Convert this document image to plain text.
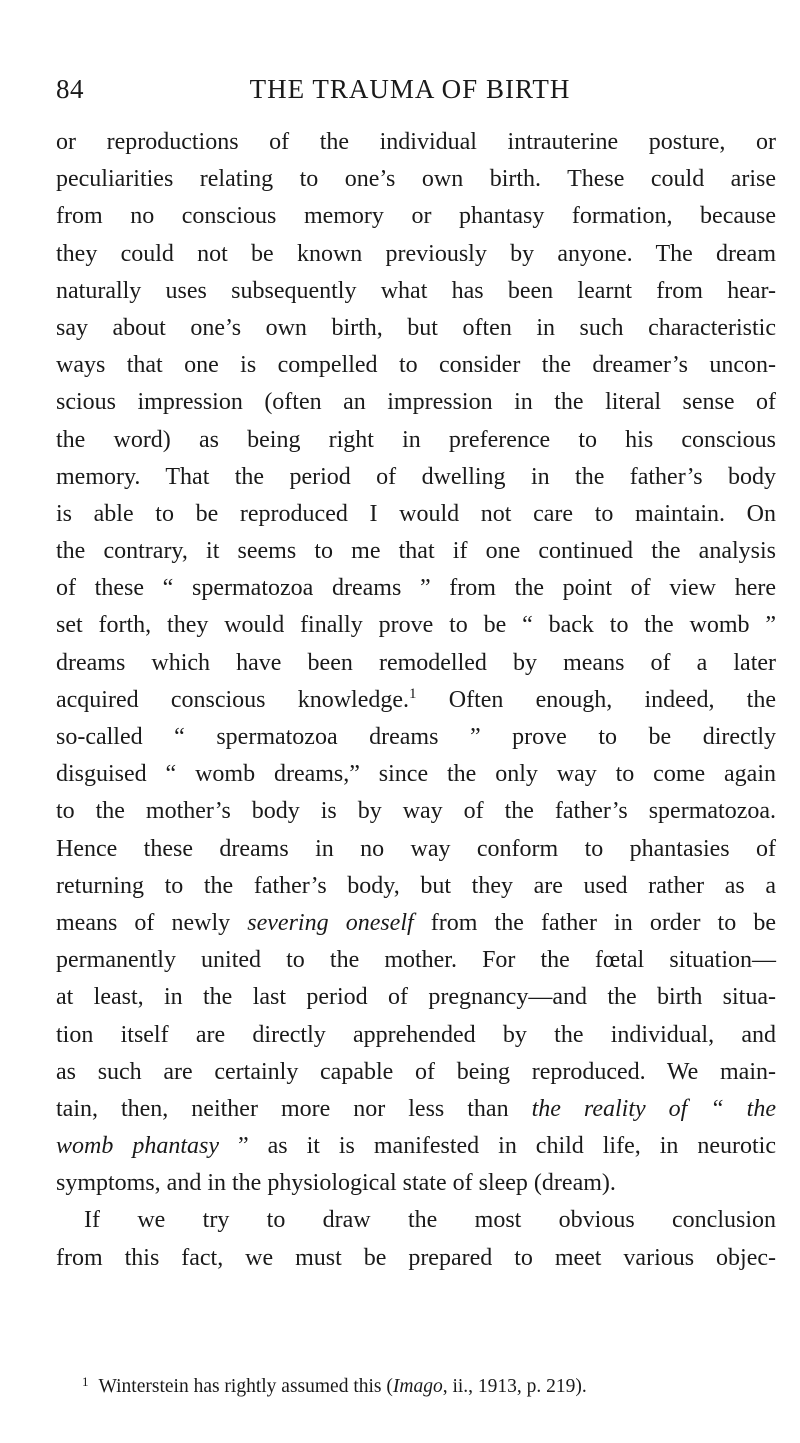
84	THE TRAUMA OF BIRTH
or reproductions of the individual intrauterine posture, or
peculiarities relating to one’s own birth. These could arise
from no conscious memory or phantasy formation, because
they could not be known previously by anyone. The dream
naturally uses subsequently what has been learnt from hear-
say about one’s own birth, but often in such characteristic
ways that one is compelled to consider the dreamer’s uncon-
scious impression (often an impression in the literal sense of
the word) as being right in preference to his conscious
memory. That the period of dwelling in the father’s body
is able to be reproduced I would not care to maintain. On
the contrary, it seems to me that if one continued the analysis
of these “ spermatozoa dreams ” from the point of view here
set forth, they would finally prove to be “ back to the womb ”
dreams which have been remodelled by means of a later
acquired conscious knowledge.$^1$ Often enough, indeed, the
so-called “ spermatozoa dreams ” prove to be directly
disguised “ womb dreams,” since the only way to come again
to the mother’s body is by way of the father’s spermatozoa.
Hence these dreams in no way conform to phantasies of
returning to the father’s body, but they are used rather as a
means of newly severing oneself from the father in order to be
permanently united to the mother. For the fœtal situation—
at least, in the last period of pregnancy—and the birth situa-
tion itself are directly apprehended by the individual, and
as such are certainly capable of being reproduced. We main-
tain, then, neither more nor less than the reality of “ the
womb phantasy ” as it is manifested in child life, in neurotic
symptoms, and in the physiological state of sleep (dream).
If we try to draw the most obvious conclusion
from this fact, we must be prepared to meet various objec-
$^1$ Winterstein has rightly assumed this (Imago, ii., 1913, p. 219).
